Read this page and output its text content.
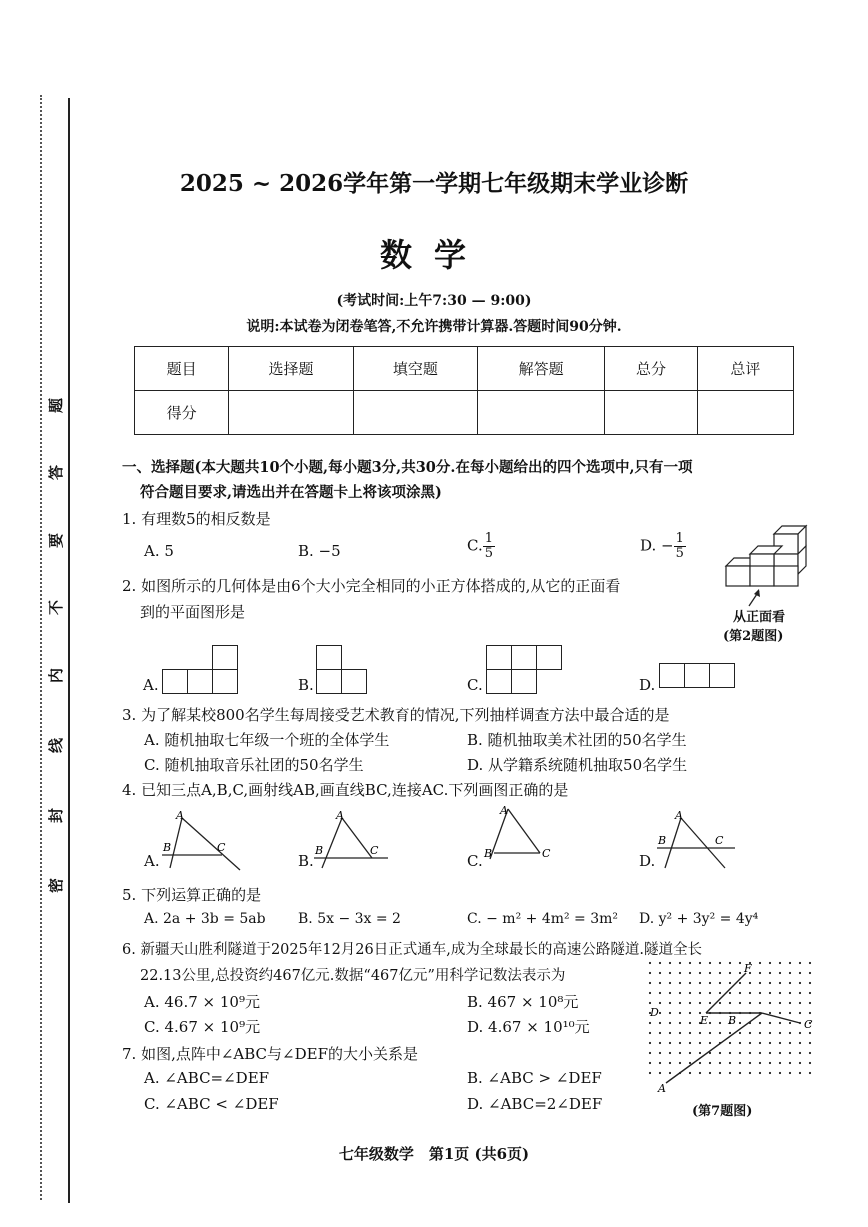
题
答
要
不
内
线
封
密
2025 ~ 2026学年第一学期七年级期末学业诊断
数学
(考试时间:上午7:30 — 9:00)
说明:本试卷为闭卷笔答,不允许携带计算器.答题时间90分钟.
题目	选择题	填空题	解答题	总分	总评
得分					
一、选择题(本大题共10个小题,每小题3分,共30分.在每小题给出的四个选项中,只有一项
符合题目要求,请选出并在答题卡上将该项涂黑)
1. 有理数5的相反数是
A. 5	B. −5	C. $\frac{1}{5}$	D. − $\frac{1}{5}$
从正面看
(第2题图)
2. 如图所示的几何体是由6个大小完全相同的小正方体搭成的,从它的正面看
到的平面图形是
A.	B.	C.	D.
3. 为了解某校800名学生每周接受艺术教育的情况,下列抽样调查方法中最合适的是
A. 随机抽取七年级一个班的全体学生	B. 随机抽取美术社团的50名学生
C. 随机抽取音乐社团的50名学生	D. 从学籍系统随机抽取50名学生
4. 已知三点A,B,C,画射线AB,画直线BC,连接AC.下列画图正确的是
A.
A
B	C
B.
A
B	C
C.
A
B	C	D.
A
B	C
5. 下列运算正确的是
A. 2a + 3b = 5ab B. 5x − 3x = 2	C. − m² + 4m² = 3m² D. y² + 3y² = 4y⁴
6. 新疆天山胜利隧道于2025年12月26日正式通车,成为全球最长的高速公路隧道.隧道全长
22.13公里,总投资约467亿元.数据“467亿元”用科学记数法表示为
A. 46.7 × 10⁹元	B. 467 × 10⁸元
C. 4.67 × 10⁹元	D. 4.67 × 10¹⁰元
7. 如图,点阵中∠ABC与∠DEF的大小关系是
A. ∠ABC=∠DEF	B. ∠ABC > ∠DEF
C. ∠ABC < ∠DEF	D. ∠ABC=2∠DEF
A
B	C
D
E
F
(第7题图)
七年级数学　第1页 (共6页)
